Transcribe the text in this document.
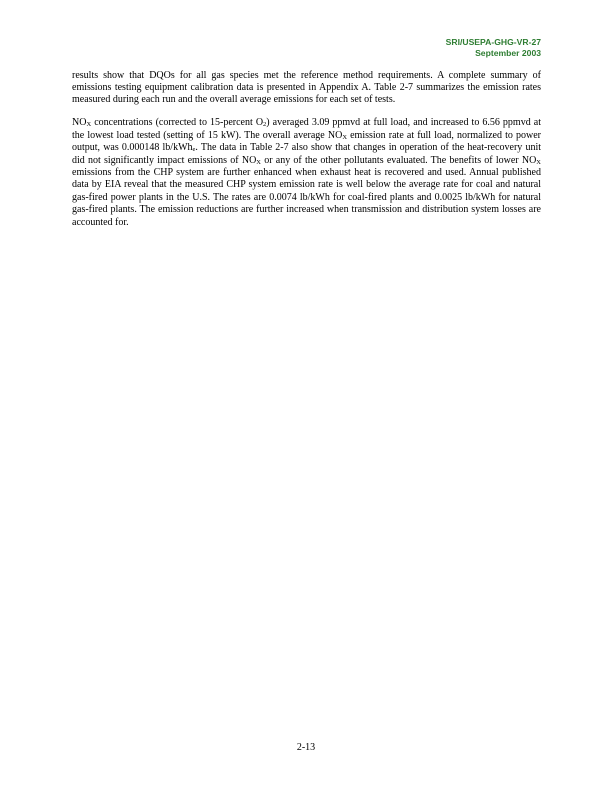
SRI/USEPA-GHG-VR-27
September 2003

results show that DQOs for all gas species met the reference method requirements. A complete summary of emissions testing equipment calibration data is presented in Appendix A. Table 2-7 summarizes the emission rates measured during each run and the overall average emissions for each set of tests.

$NO_X$ concentrations (corrected to 15-percent $O_2$) averaged 3.09 ppmvd at full load, and increased to 6.56 ppmvd at the lowest load tested (setting of 15 kW). The overall average $NO_X$ emission rate at full load, normalized to power output, was 0.000148 lb/kWh$_e$. The data in Table 2-7 also show that changes in operation of the heat-recovery unit did not significantly impact emissions of $NO_X$ or any of the other pollutants evaluated. The benefits of lower $NO_X$ emissions from the CHP system are further enhanced when exhaust heat is recovered and used. Annual published data by EIA reveal that the measured CHP system emission rate is well below the average rate for coal and natural gas-fired power plants in the U.S. The rates are 0.0074 lb/kWh for coal-fired plants and 0.0025 lb/kWh for natural gas-fired plants. The emission reductions are further increased when transmission and distribution system losses are accounted for.

2-13
